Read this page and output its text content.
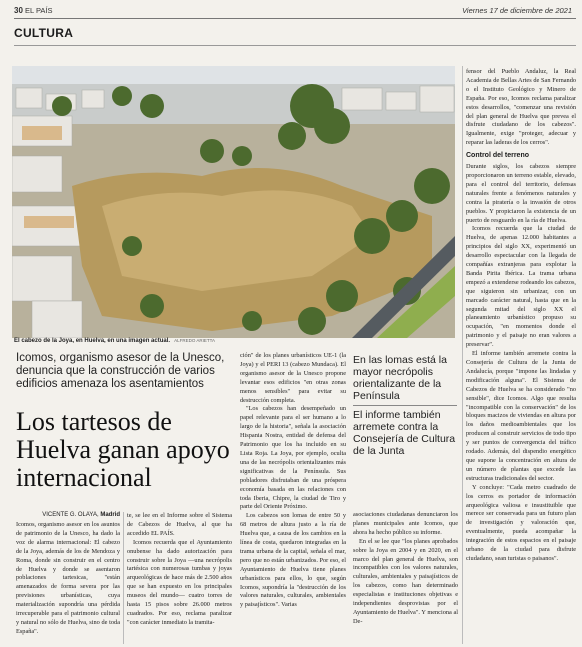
30 EL PAÍS	Viernes 17 de diciembre de 2021
CULTURA
El cabezo de la Joya, en Huelva, en una imagen actual. ALFREDO ARIETTA
Icomos, organismo asesor de la Unesco, denuncia que la construcción de varios edificios amenaza los asentamientos
Los tartesos de Huelva ganan apoyo internacional
VICENTE G. OLAYA, Madrid

Icomos, organismo asesor en los asuntos de patrimonio de la Unesco, ha dado la voz de alarma internacional: El cabezo de la Joya, además de los de Mendoza y Roma, donde sin construir en el centro de Huelva y donde se asentaron poblaciones tartesicas, "están amenazados de forma severa por las previsiones urbanísticas, cuya materialización supondría una pérdida irrecuperable para el patrimonio cultural y natural no sólo de Huelva, sino de toda España".

te, se lee en el Informe sobre el Sistema de Cabezos de Huelva, al que ha accedido EL PAÍS.

Icomos recuerda que el Ayuntamiento onubense ha dado autorización para construir sobre la Joya —una necrópolis tartésica con numerosas tumbas y joyas arqueológicas de hace más de 2.500 años que se han expuesto en los principales museos del mundo— cuatro torres de hasta 15 pisos sobre 26.000 metros cuadrados. Por eso, reclama paralizar "con carácter inmediato la tramita-

ción" de los planes urbanísticos UE-1 (la Joya) y el PERI 13 (cabezo Mundaca). El organismo asesor de la Unesco propone levantar esos edificios "en otras zonas menos sensibles" para evitar su destrucción completa.

"Los cabezos han desempeñado un papel relevante para el ser humano a lo largo de la historia", señala la asociación Hispania Nostra, entidad de defensa del Patrimonio que los ha incluido en su Lista Roja. La Joya, por ejemplo, oculta una de las necrópolis orientalizantes más significativas de la Península. Sus pobladores disfrutaban de una próspera economía basada en las relaciones con toda Iberia, Chipre, la ciudad de Tiro y parte del Oriente Próximo.

Los cabezos son lomas de entre 50 y 68 metros de altura justo a la ría de Huelva que, a causa de los cambios en la línea de costa, quedaron integradas en la trama urbana de la capital, señala el mar, pero que no están urbanizados. Por eso, el Ayuntamiento de Huelva tiene planes urbanísticos para ellos, lo que, según Icomos, supondría la "destrucción de los valores naturales, culturales, ambientales y paisajísticos". Varias

En las lomas está la mayor necrópolis orientalizante de la Península
El informe también arremete contra la Consejería de Cultura de la Junta

asociaciones ciudadanas denunciaron los planes municipales ante Icomos, que ahora ha hecho público su informe.

En el se lee que "los planes aprobados sobre la Joya en 2004 y en 2020, en el marco del plan general de Huelva, son incompatibles con los valores naturales, culturales, ambientales y paisajísticos de los cabezos, como han determinado especialistas e instituciones objetivas e independientes desprovistas por el Ayuntamiento de Huelva". Y menciona al De-

fensor del Pueblo Andaluz, la Real Academia de Bellas Artes de San Fernando o el Instituto Geológico y Minero de España. Por eso, Icomos reclama paralizar estos desarrollos, "comenzar una revisión del plan general de Huelva que prevea el disfrute ciudadano de los cabezos". Igualmente, exige "proteger, adecuar y reparar las laderas de los cerros".

Control del terreno

Durante siglos, los cabezos siempre proporcionaron un terreno estable, elevado, para el control del territorio, defensas naturales frente a fenómenos naturales y contra la piratería o la invasión de otros pueblos. Y propiciaron la existencia de un puerto de resguardo en la ría de Huelva.

Icomos recuerda que la ciudad de Huelva, de apenas 12.000 habitantes a principios del siglo XX, experimentó un desarrollo espectacular con la llegada de compañías extranjeras para explotar la Banda Pirita Ibérica. La trama urbana empezó a extenderse rodeando los cabezos, que siguieron sin urbanizar, con un marcado carácter natural, hasta que en la segunda mitad del siglo XX el planeamiento urbanístico propuso su ocupación, "en momentos donde el patrimonio y el paisaje no eran valores a preservar".

El informe también arremete contra la Consejería de Cultura de la Junta de Andalucía, porque "impone las lindadas y modificación alguna". El Sistema de Cabezos de Huelva se ha considerado "no sensible", dice Icomos. Algo que resulta "incompatible con la conservación" de los bloques macizos de viviendas en altura por los daños medioambientales que los producen al construir servicios de todo tipo y ser puntos de convergencia del tráfico rodado. Además, del dispendio energético que supone la concentración en altura de un número de plantas que excede las estructuras tradicionales del sector.

Y concluye: "Cada metro cuadrado de los cerros es portador de información arqueológica valiosa e insustituible que merece ser conservada para un futuro plan de investigación y valoración que, eventualmente, pueda acompañar la integración de estos espacios en el paisaje urbano de la ciudad para disfrute ciudadano, sean turistas o paisanos".
